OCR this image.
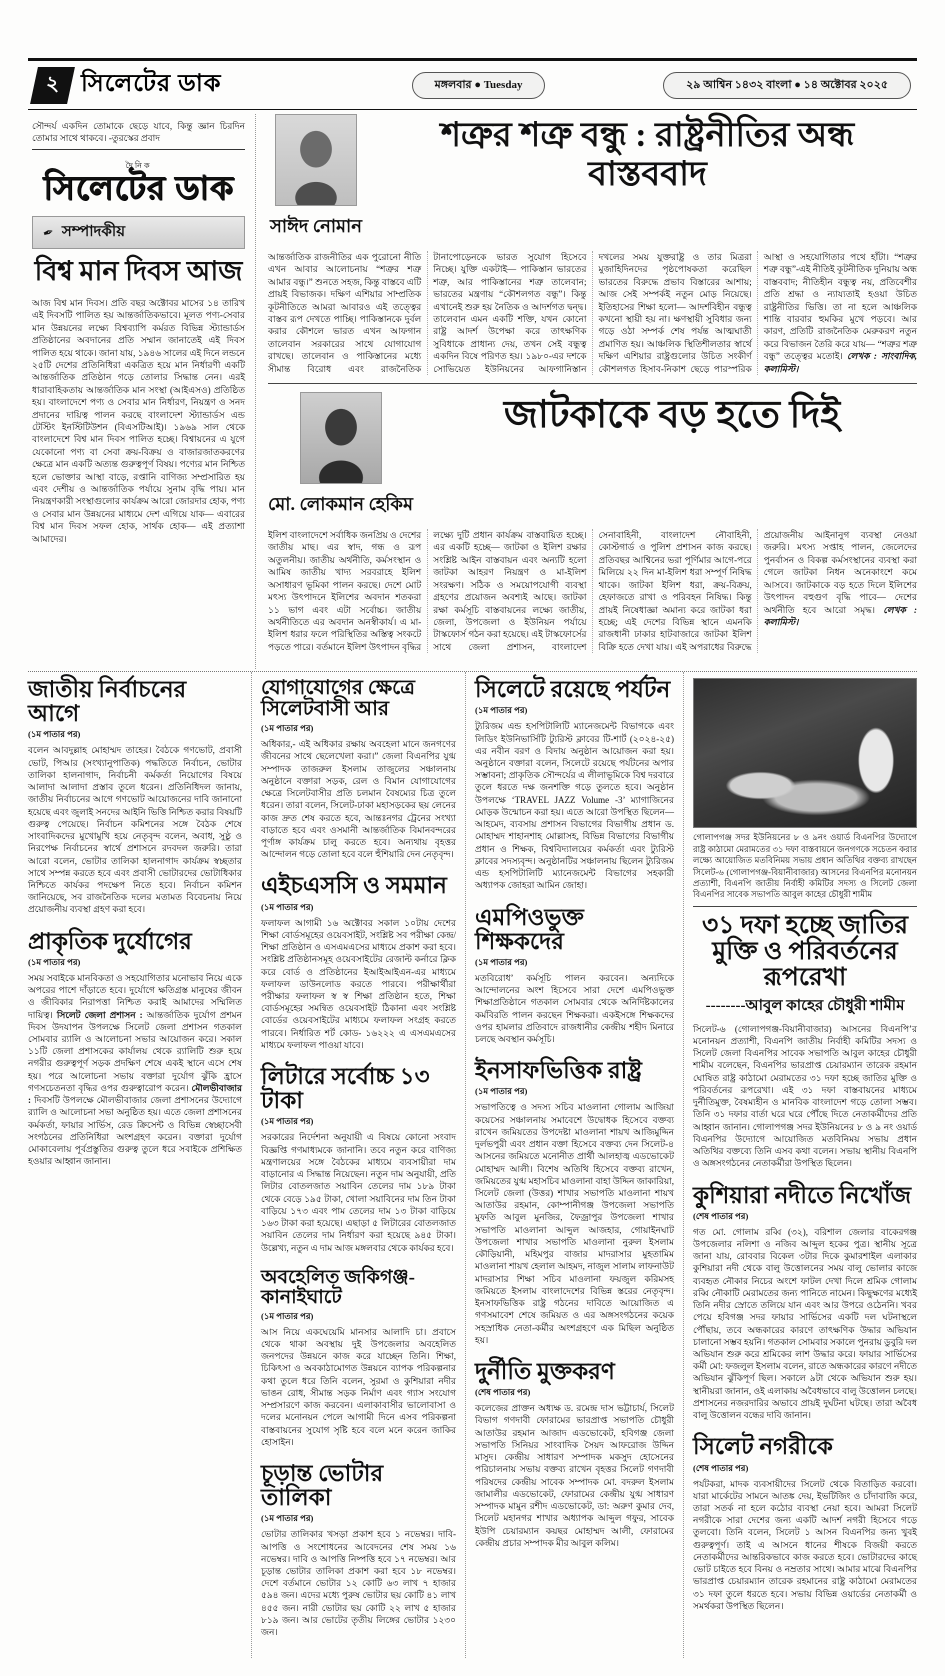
২ সিলেটের ডাক	মঙ্গলবার ● Tuesday	২৯ আশ্বিন ১৪৩২ বাংলা ● ১৪ অক্টোবর ২০২৫

সৌন্দর্য একদিন তোমাকে ছেড়ে যাবে, কিন্তু জ্ঞান চিরদিন তোমার সাথে থাকবে। -তুরস্কের প্রবাদ

দৈনিক
সিলেটের ডাক
✒ সম্পাদকীয়
বিশ্ব মান দিবস আজ

আজ বিশ্ব মান দিবস। প্রতি বছর অক্টোবর মাসের ১৪ তারিখ এই দিবসটি পালিত হয় আন্তর্জাতিকভাবে। মূলত পণ্য-সেবার মান উন্নয়নের লক্ষ্যে বিশ্বব্যাপি কর্মরত বিভিন্ন স্ট্যান্ডার্ডস প্রতিষ্ঠানের অবদানের প্রতি সম্মান জানাতেই এই দিবস পালিত হয়ে থাকে। জানা যায়, ১৯৪৬ সালের এই দিনে লন্ডনে ২৫টি দেশের প্রতিনিধিরা একত্রিত হয়ে মান নির্ধারণী একটি আন্তর্জাতিক প্রতিষ্ঠান গড়ে তোলার সিদ্ধান্ত নেন। এরই ধারাবাহিকতায় আন্তর্জাতিক মান সংস্থা (আইএসও) প্রতিষ্ঠিত হয়। বাংলাদেশে পণ্য ও সেবার মান নির্ধারণ, নিয়ন্ত্রণ ও সনদ প্রদানের দায়িত্ব পালন করছে বাংলাদেশ স্ট্যান্ডার্ডস এন্ড টেস্টিং ইনস্টিটিউশন (বিএসটিআই)। ১৯৬৯ সাল থেকে বাংলাদেশে বিশ্ব মান দিবস পালিত হচ্ছে। বিশ্বায়নের এ যুগে যেকোনো পণ্য বা সেবা ক্রয়-বিক্রয় ও বাজারজাতকরণের ক্ষেত্রে মান একটি অত্যন্ত গুরুত্বপূর্ণ বিষয়। পণ্যের মান নিশ্চিত হলে ভোক্তার আস্থা বাড়ে, রপ্তানি বাণিজ্য সম্প্রসারিত হয় এবং দেশীয় ও আন্তর্জাতিক পর্যায়ে সুনাম বৃদ্ধি পায়। মান নিয়ন্ত্রণকারী সংস্থাগুলোর কার্যক্রম আরো জোরদার হোক, পণ্য ও সেবার মান উন্নয়নের মাধ্যমে দেশ এগিয়ে যাক— এবারের বিশ্ব মান দিবস সফল হোক, সার্থক হোক— এই প্রত্যাশা আমাদের।

সাঈদ নোমান
শত্রুর শত্রু বন্ধু : রাষ্ট্রনীতির অন্ধ বাস্তববাদ

আন্তর্জাতিক রাজনীতির এক পুরোনো নীতি এখন আবার আলোচনায় “শত্রুর শত্রু আমার বন্ধু।” শুনতে সহজ, কিন্তু বাস্তবে এটি প্রায়ই বিভাজক। দক্ষিণ এশিয়ার সাম্প্রতিক কূটনীতিতে আমরা আবারও এই তত্ত্বের বাস্তব রূপ দেখতে পাচ্ছি। পাকিস্তানকে দুর্বল করার কৌশলে ভারত এখন আফগান তালেবান সরকারের সাথে যোগাযোগ রাখছে। তালেবান ও পাকিস্তানের মধ্যে সীমান্ত বিরোধ এবং রাজনৈতিক টানাপোড়েনকে ভারত সুযোগ হিসেবে নিচ্ছে। যুক্তি একটাই— পাকিস্তান ভারতের শত্রু, আর পাকিস্তানের শত্রু তালেবান; ভারতের মন্ত্রণায় “কৌশলগত বন্ধু”। কিন্তু এখানেই শুরু হয় নৈতিক ও আদর্শগত দ্বন্দ্ব। তালেবান এমন একটি শক্তি, যখন কোনো রাষ্ট্র আদর্শ উপেক্ষা করে তাৎক্ষণিক সুবিধাকে প্রাধান্য দেয়, তখন সেই বন্ধুত্ব একদিন বিষে পরিণত হয়। ১৯৮০-এর দশকে সোভিয়েত ইউনিয়নের আফগানিস্তান দখলের সময় যুক্তরাষ্ট্র ও তার মিত্ররা মুজাহিদিনদের পৃষ্ঠপোষকতা করেছিল ভারতের বিরুদ্ধে প্রভাব বিস্তারের আশায়; আজ সেই সম্পর্কই নতুন মোড় নিয়েছে। ইতিহাসের শিক্ষা হলো— আদর্শবিহীন বন্ধুত্ব কখনো স্থায়ী হয় না। ক্ষণস্থায়ী সুবিধার জন্য গড়ে ওঠা সম্পর্ক শেষ পর্যন্ত আত্মঘাতী প্রমাণিত হয়। আঞ্চলিক স্থিতিশীলতার স্বার্থে দক্ষিণ এশিয়ার রাষ্ট্রগুলোর উচিত সংকীর্ণ কৌশলগত হিসাব-নিকাশ ছেড়ে পারস্পরিক আস্থা ও সহযোগিতার পথে হাঁটা। “শত্রুর শত্রু বন্ধু”-এই নীতিই কূটনীতিক দুনিয়ায় অন্ধ বাস্তববাদ; নীতিহীন বন্ধুত্ব নয়, প্রতিবেশীর প্রতি শ্রদ্ধা ও ন্যায্যতাই হওয়া উচিত রাষ্ট্রনীতির ভিত্তি। তা না হলে আঞ্চলিক শান্তি বারবার হুমকির মুখে পড়বে। আর কারণ, প্রতিটি রাজনৈতিক মেরুকরণ নতুন করে বিভাজন তৈরি করে যায়— “শত্রুর শত্রু বন্ধু” তত্ত্বের মতোই। লেখক : সাংবাদিক, কলামিস্ট।

মো. লোকমান হেকিম
জাটকাকে বড় হতে দিই

ইলিশ বাংলাদেশে সর্বাধিক জনপ্রিয় ও দেশের জাতীয় মাছ। এর স্বাদ, গন্ধ ও রূপ অতুলনীয়। জাতীয় অর্থনীতি, কর্মসংস্থান ও আমিষ জাতীয় খাদ্য সরবরাহে ইলিশ অসাধারণ ভূমিকা পালন করছে। দেশে মোট মৎস্য উৎপাদনে ইলিশের অবদান শতকরা ১১ ভাগ এবং এটা সর্বোচ্চ। জাতীয় অর্থনীতিতে এর অবদান অনস্বীকার্য। এ মা-ইলিশ ধরার ফলে পরিস্থিতির অস্তিত্ব সংকটে পড়তে পারে। বর্তমানে ইলিশ উৎপাদন বৃদ্ধির লক্ষ্যে দুটি প্রধান কার্যক্রম বাস্তবায়িত হচ্ছে। এর একটি হচ্ছে— জাটকা ও ইলিশ রক্ষার সংশ্লিষ্ট আইন বাস্তবায়ন এবং অন্যটি হলো জাটকা আহরণ নিয়ন্ত্রণ ও মা-ইলিশ সংরক্ষণ। সঠিক ও সময়োপযোগী ব্যবস্থা গ্রহণের প্রয়োজন অবশ্যই আছে। জাটকা রক্ষা কর্মসূচি বাস্তবায়নের লক্ষ্যে জাতীয়, জেলা, উপজেলা ও ইউনিয়ন পর্যায়ে টাস্কফোর্স গঠন করা হয়েছে। এই টাস্কফোর্সের সাথে জেলা প্রশাসন, বাংলাদেশ সেনাবাহিনী, বাংলাদেশ নৌবাহিনী, কোস্টগার্ড ও পুলিশ প্রশাসন কাজ করছে। প্রতিবছর আশ্বিনের ভরা পূর্ণিমার আগে-পরে মিলিয়ে ২২ দিন মা-ইলিশ ধরা সম্পূর্ণ নিষিদ্ধ থাকে। জাটকা ইলিশ ধরা, ক্রয়-বিক্রয়, হেফাজতে রাখা ও পরিবহন নিষিদ্ধ। কিন্তু প্রায়ই নিষেধাজ্ঞা অমান্য করে জাটকা ধরা হচ্ছে; এই দেশের বিভিন্ন স্থানে এমনকি রাজধানী ঢাকার হাটবাজারে জাটকা ইলিশ বিক্রি হতে দেখা যায়। এই অপরাধের বিরুদ্ধে প্রয়োজনীয় আইনানুগ ব্যবস্থা নেওয়া জরুরি। মৎস্য সপ্তাহ পালন, জেলেদের পুনর্বাসন ও বিকল্প কর্মসংস্থানের ব্যবস্থা করা গেলে জাটকা নিধন অনেকাংশে কমে আসবে। জাটকাকে বড় হতে দিলে ইলিশের উৎপাদন বহুগুণ বৃদ্ধি পাবে— দেশের অর্থনীতি হবে আরো সমৃদ্ধ। লেখক : কলামিস্ট।

জাতীয় নির্বাচনের আগে
(১ম পাতার পর)

বলেন আবদুল্লাহ মোহাম্মদ তাহের। বৈঠকে গণভোট, প্রবাসী ভোট, পিআর (সংখ্যানুপাতিক) পদ্ধতিতে নির্বাচন, ভোটার তালিকা হালনাগাদ, নির্বাচনী কর্মকর্তা নিয়োগের বিষয়ে আলাদা আলাদা প্রস্তাব তুলে ধরেন। প্রতিনিধিদল জানায়, জাতীয় নির্বাচনের আগে গণভোট আয়োজনের দাবি জানানো হয়েছে এবং জুলাই সনদের আইনি ভিত্তি নিশ্চিত করার বিষয়টি গুরুত্ব পেয়েছে। নির্বাচন কমিশনের সঙ্গে বৈঠক শেষে সাংবাদিকদের মুখোমুখি হয়ে নেতৃবৃন্দ বলেন, অবাধ, সুষ্ঠু ও নিরপেক্ষ নির্বাচনের স্বার্থে প্রশাসনে রদবদল জরুরি। তারা আরো বলেন, ভোটার তালিকা হালনাগাদ কার্যক্রম স্বচ্ছতার সাথে সম্পন্ন করতে হবে এবং প্রবাসী ভোটারদের ভোটাধিকার নিশ্চিতে কার্যকর পদক্ষেপ নিতে হবে। নির্বাচন কমিশন জানিয়েছে, সব রাজনৈতিক দলের মতামত বিবেচনায় নিয়ে প্রয়োজনীয় ব্যবস্থা গ্রহণ করা হবে।

প্রাকৃতিক দুর্যোগের
(১ম পাতার পর)

সময় সবাইকে মানবিকতা ও সহযোগিতার মনোভাব নিয়ে একে অপরের পাশে দাঁড়াতে হবে। দুর্যোগে ক্ষতিগ্রস্ত মানুষের জীবন ও জীবিকার নিরাপত্তা নিশ্চিত করাই আমাদের সম্মিলিত দায়িত্ব। সিলেট জেলা প্রশাসন : আন্তর্জাতিক দুর্যোগ প্রশমন দিবস উদযাপন উপলক্ষে সিলেট জেলা প্রশাসন গতকাল সোমবার র‌্যালি ও আলোচনা সভার আয়োজন করে। সকাল ১১টি জেলা প্রশাসকের কার্যালয় থেকে র‌্যালিটি শুরু হয়ে নগরীর গুরুত্বপূর্ণ সড়ক প্রদক্ষিণ শেষে একই স্থানে এসে শেষ হয়। পরে আলোচনা সভায় বক্তারা দুর্যোগ ঝুঁকি হ্রাসে গণসচেতনতা বৃদ্ধির ওপর গুরুত্বারোপ করেন। মৌলভীবাজার : দিবসটি উপলক্ষে মৌলভীবাজার জেলা প্রশাসনের উদ্যোগে র‌্যালি ও আলোচনা সভা অনুষ্ঠিত হয়। এতে জেলা প্রশাসনের কর্মকর্তা, ফায়ার সার্ভিস, রেড ক্রিসেন্ট ও বিভিন্ন স্বেচ্ছাসেবী সংগঠনের প্রতিনিধিরা অংশগ্রহণ করেন। বক্তারা দুর্যোগ মোকাবেলায় পূর্বপ্রস্তুতির গুরুত্ব তুলে ধরে সবাইকে প্রশিক্ষিত হওয়ার আহ্বান জানান।

যোগাযোগের ক্ষেত্রে সিলেটবাসী আর
(১ম পাতার পর)

অধিকার,- এই অধিকার রক্ষায় অবহেলা মানে জনগণের জীবনের সাথে ছেলেখেলা করা।” জেলা বিএনপির যুগ্ম সম্পাদক তাজরুল ইসলাম তাজুলের সঞ্চালনায় অনুষ্ঠানে বক্তারা সড়ক, রেল ও বিমান যোগাযোগের ক্ষেত্রে সিলেটবাসীর প্রতি চলমান বৈষম্যের চিত্র তুলে ধরেন। তারা বলেন, সিলেট-ঢাকা মহাসড়কের ছয় লেনের কাজ দ্রুত শেষ করতে হবে, আন্তঃনগর ট্রেনের সংখ্যা বাড়াতে হবে এবং ওসমানী আন্তর্জাতিক বিমানবন্দরের পূর্ণাঙ্গ কার্যক্রম চালু করতে হবে। অন্যথায় বৃহত্তর আন্দোলন গড়ে তোলা হবে বলে হুঁশিয়ারি দেন নেতৃবৃন্দ।

এইচএসসি ও সমমান
(১ম পাতার পর)

ফলাফল আগামী ১৬ অক্টোবর সকাল ১০টায় দেশের শিক্ষা বোর্ডসমূহের ওয়েবসাইট, সংশ্লিষ্ট সব পরীক্ষা কেন্দ্র/শিক্ষা প্রতিষ্ঠান ও এসএমএসের মাধ্যমে প্রকাশ করা হবে। সংশ্লিষ্ট প্রতিষ্ঠানসমূহ ওয়েবসাইটের রেজাল্ট কর্নারে ক্লিক করে বোর্ড ও প্রতিষ্ঠানের ইআইআইএন-এর মাধ্যমে ফলাফল ডাউনলোড করতে পারবে। পরীক্ষার্থীরা পরীক্ষার ফলাফল স্ব স্ব শিক্ষা প্রতিষ্ঠান হতে, শিক্ষা বোর্ডসমূহের সমন্বিত ওয়েবসাইট ঠিকানা এবং সংশ্লিষ্ট বোর্ডের ওয়েবসাইটের মাধ্যমে ফলাফল সংগ্রহ করতে পারবে। নির্ধারিত শর্ট কোড- ১৬২২২ এ এসএমএসের মাধ্যমে ফলাফল পাওয়া যাবে।

লিটারে সর্বোচ্চ ১৩ টাকা
(১ম পাতার পর)

সরকারের নির্দেশনা অনুযায়ী এ বিষয়ে কোনো সংবাদ বিজ্ঞপ্তি গণমাধ্যমকে জানানি। তবে নতুন করে বাণিজ্য মন্ত্রণালয়ের সঙ্গে বৈঠকের মাধ্যমে ব্যবসায়ীরা দাম বাড়ানোর এ সিদ্ধান্ত নিয়েছেন। নতুন দাম অনুযায়ী, প্রতি লিটার বোতলজাত সয়াবিন তেলের দাম ১৮৯ টাকা থেকে বেড়ে ১৯৫ টাকা, খোলা সয়াবিনের দাম তিন টাকা বাড়িয়ে ১৭৩ এবং পাম তেলের দাম ১৩ টাকা বাড়িয়ে ১৬৩ টাকা করা হয়েছে। এছাড়া ৫ লিটারের বোতলজাত সয়াবিন তেলের দাম নির্ধারণ করা হয়েছে ৯৪৫ টাকা। উল্লেখ্য, নতুন এ দাম আজ মঙ্গলবার থেকে কার্যকর হবে।

অবহেলিত জকিগঞ্জ-কানাইঘাটে
(১ম পাতার পর)

আস নিয়ে একঘেয়েমি মানসার আলাদি চা। প্রবাসে থেকে থাকা অবস্থায় দুই উপজেলার অবহেলিত জনপদের উন্নয়নে কাজ করে যাচ্ছেন তিনি। শিক্ষা, চিকিৎসা ও অবকাঠামোগত উন্নয়নে ব্যাপক পরিকল্পনার কথা তুলে ধরে তিনি বলেন, সুরমা ও কুশিয়ারা নদীর ভাঙন রোধ, সীমান্ত সড়ক নির্মাণ এবং গ্যাস সংযোগ সম্প্রসারণে কাজ করবেন। এলাকাবাসীর ভালোবাসা ও দলের মনোনয়ন পেলে আগামী দিনে এসব পরিকল্পনা বাস্তবায়নের সুযোগ সৃষ্টি হবে বলে মনে করেন জাকির হোসাইন।

চূড়ান্ত ভোটার তালিকা
(১ম পাতার পর)

ভোটার তালিকার খসড়া প্রকাশ হবে ১ নভেম্বর। দাবি-আপত্তি ও সংশোধনের আবেদনের শেষ সময় ১৬ নভেম্বর। দাবি ও আপত্তি নিষ্পত্তি হবে ১৭ নভেম্বর। আর চূড়ান্ত ভোটার তালিকা প্রকাশ করা হবে ১৮ নভেম্বর। দেশে বর্তমানে ভোটার ১২ কোটি ৬৩ লাখ ৭ হাজার ৫৯৪ জন। এদের মধ্যে পুরুষ ভোটার ছয় কোটি ৪১ লাখ ৪৫৫ জন। নারী ভোটার ছয় কোটি ২২ লাখ ৫ হাজার ৮১৯ জন। আর ভোটের তৃতীয় লিঙ্গের ভোটার ১২৩০ জন।

সিলেটে রয়েছে পর্যটন
(১ম পাতার পর)

ট্যুরিজম এন্ড হসপিটালিটি ম্যানেজমেন্ট বিভাগকে এবং লিডিং ইউনিভার্সিটি ট্যুরিস্ট ক্লাবের টি-শার্ট (২০২৪-২৫) এর নবীন বরণ ও বিদায় অনুষ্ঠান আয়োজন করা হয়। অনুষ্ঠানে বক্তারা বলেন, সিলেটে রয়েছে পর্যটনের অপার সম্ভাবনা; প্রাকৃতিক সৌন্দর্যের এ লীলাভূমিকে বিশ্ব দরবারে তুলে ধরতে দক্ষ জনশক্তি গড়ে তুলতে হবে। অনুষ্ঠান উপলক্ষে ‘TRAVEL JAZZ Volume -3’ ম্যাগাজিনের মোড়ক উন্মোচন করা হয়। এতে আরো উপস্থিত ছিলেন— আহমেদ, ব্যবসায় প্রশাসন বিভাগের বিভাগীয় প্রধান ড. মোহাম্মদ শাহানশাহ মোল্লাসহ, বিভিন্ন বিভাগের বিভাগীয় প্রধান ও শিক্ষক, বিশ্ববিদ্যালয়ের কর্মকর্তা এবং ট্যুরিস্ট ক্লাবের সদস্যবৃন্দ। অনুষ্ঠানটির সঞ্চালনায় ছিলেন ট্যুরিজম এন্ড হসপিটালিটি ম্যানেজমেন্ট বিভাগের সহকারী অধ্যাপক জোহরা আমিন জোহা।

এমপিওভুক্ত শিক্ষকদের
(১ম পাতার পর)

মতবিরোধ’ কর্মসূচি পালন করবেন। অন্যদিকে আন্দোলনের অংশ হিসেবে সারা দেশে এমপিওভুক্ত শিক্ষাপ্রতিষ্ঠানে গতকাল সোমবার থেকে অনির্দিষ্টকালের কর্মবিরতি পালন করছেন শিক্ষকরা। একইসঙ্গে শিক্ষকদের ওপর হামলার প্রতিবাদে রাজধানীর কেন্দ্রীয় শহীদ মিনারে চলছে অবস্থান কর্মসূচি।

ইনসাফভিত্তিক রাষ্ট্র
(১ম পাতার পর)

সভাপতিত্বে ও সদস্য সচিব মাওলানা গোলাম আজিয়া কয়েসের সঞ্চালনায় সমাবেশে উদ্বোধক হিসেবে বক্তব্য রাখেন জমিয়তের উপদেষ্টা মাওলানা শায়খ আজিমুদ্দিন দুর্লভপুরী এবং প্রধান বক্তা হিসেবে বক্তব্য দেন সিলেট-৪ আসনের জমিয়তে মনোনীত প্রার্থী আলহাজ্ব এডভোকেট মোহাম্মদ আলী। বিশেষ অতিথি হিসেবে বক্তব্য রাখেন, জমিয়তের যুগ্ম মহাসচিব মাওলানা বাহা উদ্দিন জাকারিয়া, সিলেট জেলা (উত্তর) শাখার সভাপতি মাওলানা শায়খ আতাউর রহমান, কোম্পানীগঞ্জ উপজেলা সভাপতি মুফতি আবুল মুনজির, ফৈজ্রাপুর উপজেলা শাখার সভাপতি মাওলানা আব্দুল আজহার, গোয়াইনঘাট উপজেলা শাখার সভাপতি মাওলানা নুরুল ইসলাম কৌড়িয়ানী, মহিমপুর বাজার মাদরাসার মুহতামিম মাওলানা শায়খ হেলাল আহমদ, নাজুল সালাম লাফনাউট মাদরাসার শিক্ষা সচিব মাওলানা ফয়জুল করিমসহ জমিয়তে ইসলাম বাংলাদেশের বিভিন্ন স্তরের নেতৃবৃন্দ। ইনসাফভিত্তিক রাষ্ট্র গঠনের দাবিতে আয়োজিত এ গণসমাবেশ শেষে জমিয়ত ও এর অঙ্গসংগঠনের কয়েক সহস্রাধিক নেতা-কর্মীর অংশগ্রহণে এক মিছিল অনুষ্ঠিত হয়।

দুর্নীতি মুক্তকরণ
(শেষ পাতার পর)

কলেজের প্রাক্তন অধ্যক্ষ ড. রমেন্দ্র দাস ভট্টাচার্য, সিলেট বিভাগ গণদাবী ফোরামের ভারপ্রাপ্ত সভাপতি চৌধুরী আতাউর রহমান আজাদ এডভোকেট, হবিগঞ্জ জেলা সভাপতি সিনিয়র সাংবাদিক সৈয়দ আফরোজ উদ্দিন মাসুদ। কেন্দ্রীয় সাধারণ সম্পাদক মকসুদ হোসেনের পরিচালনায় সভায় বক্তব্য রাখেন বৃহত্তর সিলেট গণদাবী পরিষদের কেন্দ্রীয় সাবেক সম্পাদক মো. বদরুল ইসলাম জামালীর এডভোকেট, ফোরামের কেন্দ্রীয় যুগ্ম সাধারণ সম্পাদক মামুন রশীদ এডভোকেট, ডা: অরুণ কুমার দেব, সিলেট মহানগর শাখার অধ্যাপক আব্দুল গফুর, সাবেক ইউপি চেয়ারম্যান কয়ছর মোহাম্মদ আলী, ফোরামের কেন্দ্রীয় প্রচার সম্পাদক মীর আবুল কলিম।

গোলাপগঞ্জ সদর ইউনিয়নের ৮ ও ৯নং ওয়ার্ড বিএনপির উদ্যোগে রাষ্ট্র কাঠামো মেরামতের ৩১ দফা বাস্তবায়নে জনগণকে সচেতন করার লক্ষ্যে আয়োজিত মতবিনিময় সভায় প্রধান অতিথির বক্তব্য রাখছেন সিলেট-৬ (গোলাপগঞ্জ-বিয়ানীবাজার) আসনের বিএনপির মনোনয়ন প্রত্যাশী, বিএনপি জাতীয় নির্বাহী কমিটির সদস্য ও সিলেট জেলা বিএনপির সাবেক সভাপতি আবুল কাহের চৌধুরী শামীম

৩১ দফা হচ্ছে জাতির মুক্তি ও পরিবর্তনের রূপরেখা
--------আবুল কাহের চৌধুরী শামীম

সিলেট-৬ (গোলাপগঞ্জ-বিয়ানীবাজার) আসনের বিএনপি’র মনোনয়ন প্রত্যাশী, বিএনপি জাতীয় নির্বাহী কমিটির সদস্য ও সিলেট জেলা বিএনপির সাবেক সভাপতি আবুল কাহের চৌধুরী শামীম বলেছেন, বিএনপির ভারপ্রাপ্ত চেয়ারম্যান তারেক রহমান ঘোষিত রাষ্ট্র কাঠামো মেরামতের ৩১ দফা হচ্ছে জাতির মুক্তি ও পরিবর্তনের রূপরেখা। এই ৩১ দফা বাস্তবায়নের মাধ্যমে দুর্নীতিমুক্ত, বৈষম্যহীন ও মানবিক বাংলাদেশ গড়ে তোলা সম্ভব। তিনি ৩১ দফার বার্তা ঘরে ঘরে পৌঁছে দিতে নেতাকর্মীদের প্রতি আহ্বান জানান। গোলাপগঞ্জ সদর ইউনিয়নের ৮ ও ৯ নং ওয়ার্ড বিএনপির উদ্যোগে আয়োজিত মতবিনিময় সভায় প্রধান অতিথির বক্তব্যে তিনি এসব কথা বলেন। সভায় স্থানীয় বিএনপি ও অঙ্গসংগঠনের নেতাকর্মীরা উপস্থিত ছিলেন।

কুশিয়ারা নদীতে নিখোঁজ
(শেষ পাতার পর)

গত মো. গোলাম রব্বি (৩২), বরিশাল জেলার বাকেরগঞ্জ উপজেলার নলিশা ও নজিব আব্দুল হকের পুত্র। স্থানীয় সূত্রে জানা যায়, রোববার বিকেল ৩টার দিকে কুমারশাইল এলাকার কুশিয়ারা নদী থেকে বালু উত্তোলনের সময় বালু ভোলার কাজে ব্যবহৃত নৌকার নিচের অংশে ফাটল দেখা দিলে শ্রমিক গোলাম রব্বি নৌকাটি মেরামতের জন্য পানিতে নামেন। কিছুক্ষণের মধ্যেই তিনি নদীর স্রোতে তলিয়ে যান এবং আর উপরে ওঠেননি। খবর পেয়ে হবিগঞ্জ সদর ফায়ার সার্ভিসের একটি দল ঘটনাস্থলে পৌঁছায়, তবে অন্ধকারের কারণে তাৎক্ষণিক উদ্ধার অভিযান চালানো সম্ভব হয়নি। গতকাল সোমবার সকালে পুনরায় ডুবুরি দল অভিযান শুরু করে শ্রমিকের লাশ উদ্ধার করে। ফায়ার সার্ভিসের কর্মী মো: ফজলুল ইসলাম বলেন, রাতে অন্ধকারের কারণে নদীতে অভিযান ঝুঁকিপূর্ণ ছিল। সকালে ৯টা থেকে অভিযান শুরু হয়। স্থানীয়রা জানান, ওই এলাকায় অবৈধভাবে বালু উত্তোলন চলছে। প্রশাসনের নজরদারির অভাবে প্রায়ই দুর্ঘটনা ঘটছে। তারা অবৈধ বালু উত্তোলন বন্ধের দাবি জানান।

সিলেট নগরীকে
(শেষ পাতার পর)

পর্যটকরা, মাদক ব্যবসায়ীদের সিলেট থেকে বিতাড়িত করবো। যারা মার্কেটের সামনে আতঙ্ক দেয়, ইভটিজিং ও চাঁদাবাজি করে, তারা সতর্ক না হলে কঠোর ব্যবস্থা নেয়া হবে। আমরা সিলেট নগরীকে সারা দেশের জন্য একটি আদর্শ নগরী হিসেবে গড়ে তুলবো। তিনি বলেন, সিলেট ১ আসন বিএনপির জন্য খুবই গুরুত্বপূর্ণ। তাই এ আসনে ধানের শীষকে বিজয়ী করতে নেতাকর্মীদের আন্তরিকভাবে কাজ করতে হবে। ভোটারদের কাছে ভোট চাইতে হবে বিনয় ও নম্রতার সাথে। আমার মাঝে বিএনপির ভারপ্রাপ্ত চেয়ারম্যান তারেক রহমানের রাষ্ট্র কাঠামো মেরামতের ৩১ দফা তুলে ধরতে হবে। সভায় বিভিন্ন ওয়ার্ডের নেতাকর্মী ও সমর্থকরা উপস্থিত ছিলেন।
